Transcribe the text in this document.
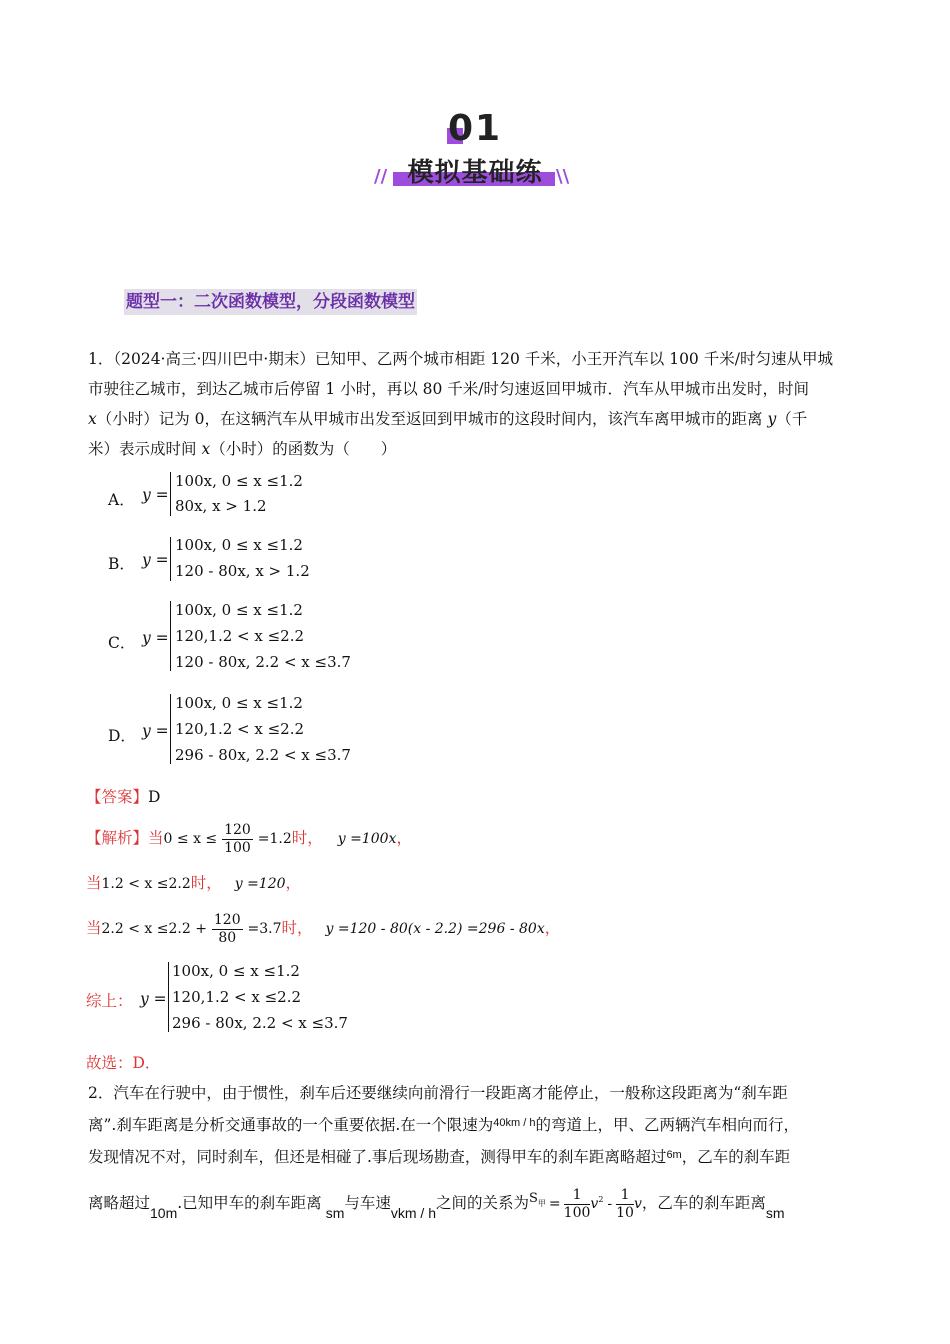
01
模拟基础练
//	\\
题型一：二次函数模型，分段函数模型
1．（2024·高三·四川巴中·期末）已知甲、乙两个城市相距 120 千米，小王开汽车以 100 千米/时匀速从甲城
市驶往乙城市，到达乙城市后停留 1 小时，再以 80 千米/时匀速返回甲城市．汽车从甲城市出发时，时间
x（小时）记为 0，在这辆汽车从甲城市出发至返回到甲城市的这段时间内，该汽车离甲城市的距离 y（千
米）表示成时间 x（小时）的函数为（　　）
A． y =
100x, 0 ≤ x ≤1.2
80x, x > 1.2
B． y =
100x, 0 ≤ x ≤1.2
120 - 80x, x > 1.2
C． y =
100x, 0 ≤ x ≤1.2
120,1.2 < x ≤2.2
120 - 80x, 2.2 < x ≤3.7
D． y =
100x, 0 ≤ x ≤1.2
120,1.2 < x ≤2.2
296 - 80x, 2.2 < x ≤3.7
【答案】D
【解析】当$0 \le x \le \frac{120}{100} =1.2$时， y =100x，
当1.2 < x ≤2.2时， y =120，
当$2.2 < x \le 2.2 + \frac{120}{80} =3.7$时， y =120 - 80(x - 2.2) =296 - 80x，
综上： y =
100x, 0 ≤ x ≤1.2
120,1.2 < x ≤2.2
296 - 80x, 2.2 < x ≤3.7
故选：D．
2．汽车在行驶中，由于惯性，刹车后还要继续向前滑行一段距离才能停止，一般称这段距离为“刹车距
离”.刹车距离是分析交通事故的一个重要依据.在一个限速为$^{40km / h}$的弯道上，甲、乙两辆汽车相向而行，
发现情况不对，同时刹车，但还是相碰了.事后现场勘查，测得甲车的刹车距离略超过$^{6m}$，乙车的刹车距
离略超过10m.已知甲车的刹车距离sm与车速vkm / h之间的关系为$^S$甲 = $\frac{1}{100} v^2 - \frac{1}{10}$ v，乙车的刹车距离sm
